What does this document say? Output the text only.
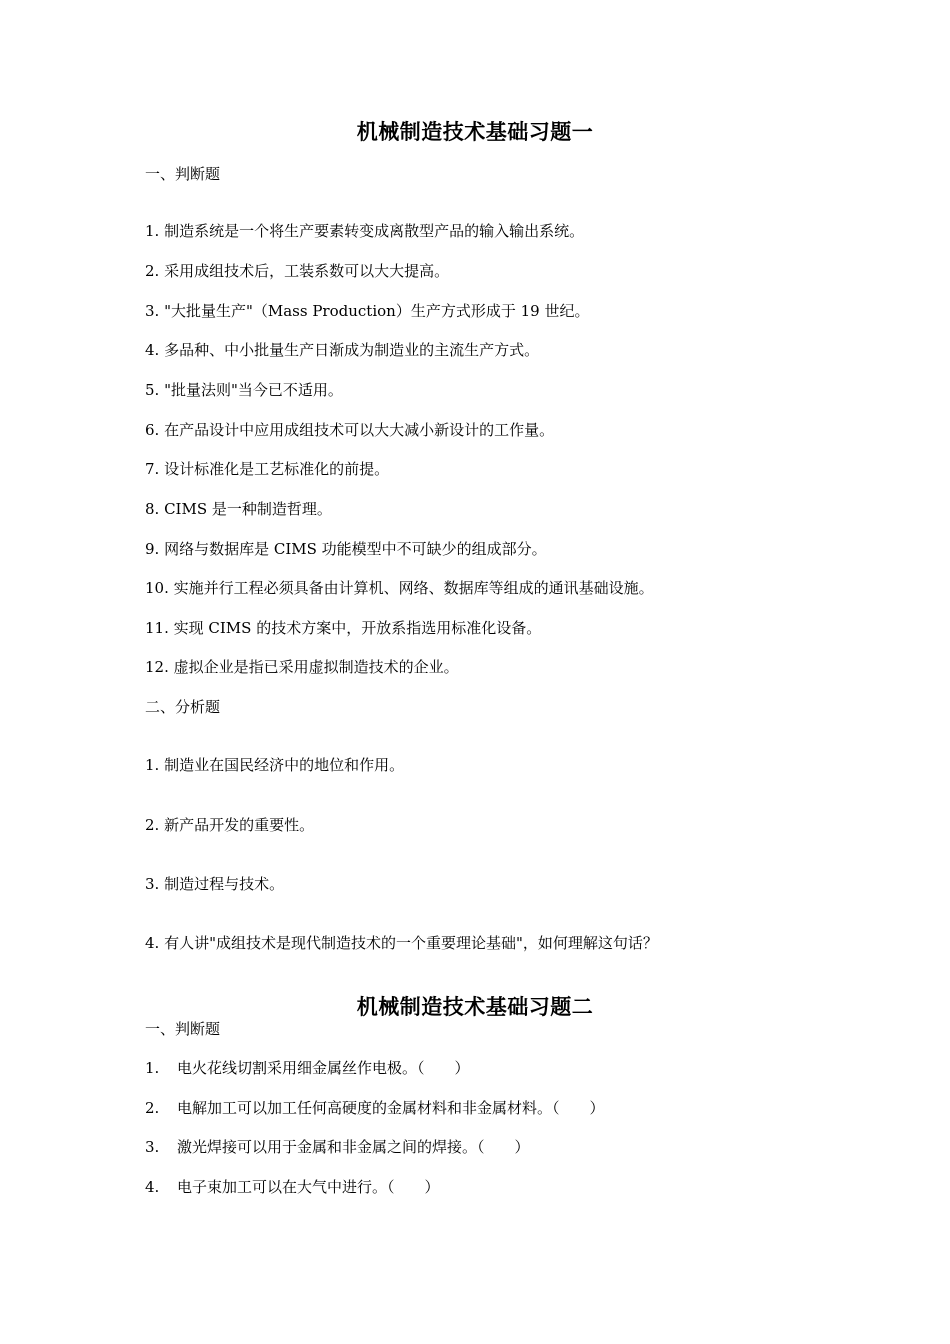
机械制造技术基础习题一
一、判断题
1. 制造系统是一个将生产要素转变成离散型产品的输入输出系统。
2. 采用成组技术后，工装系数可以大大提高。
3. "大批量生产"（Mass Production）生产方式形成于 19 世纪。
4. 多品种、中小批量生产日渐成为制造业的主流生产方式。
5. "批量法则"当今已不适用。
6. 在产品设计中应用成组技术可以大大减小新设计的工作量。
7. 设计标准化是工艺标准化的前提。
8. CIMS 是一种制造哲理。
9. 网络与数据库是 CIMS 功能模型中不可缺少的组成部分。
10. 实施并行工程必须具备由计算机、网络、数据库等组成的通讯基础设施。
11. 实现 CIMS 的技术方案中，开放系指选用标准化设备。
12. 虚拟企业是指已采用虚拟制造技术的企业。
二、分析题
1. 制造业在国民经济中的地位和作用。
2. 新产品开发的重要性。
3. 制造过程与技术。
4. 有人讲"成组技术是现代制造技术的一个重要理论基础"，如何理解这句话？
机械制造技术基础习题二
一、判断题
1. 电火花线切割采用细金属丝作电极。（　　）
2. 电解加工可以加工任何高硬度的金属材料和非金属材料。（　　）
3. 激光焊接可以用于金属和非金属之间的焊接。（　　）
4. 电子束加工可以在大气中进行。（　　）
